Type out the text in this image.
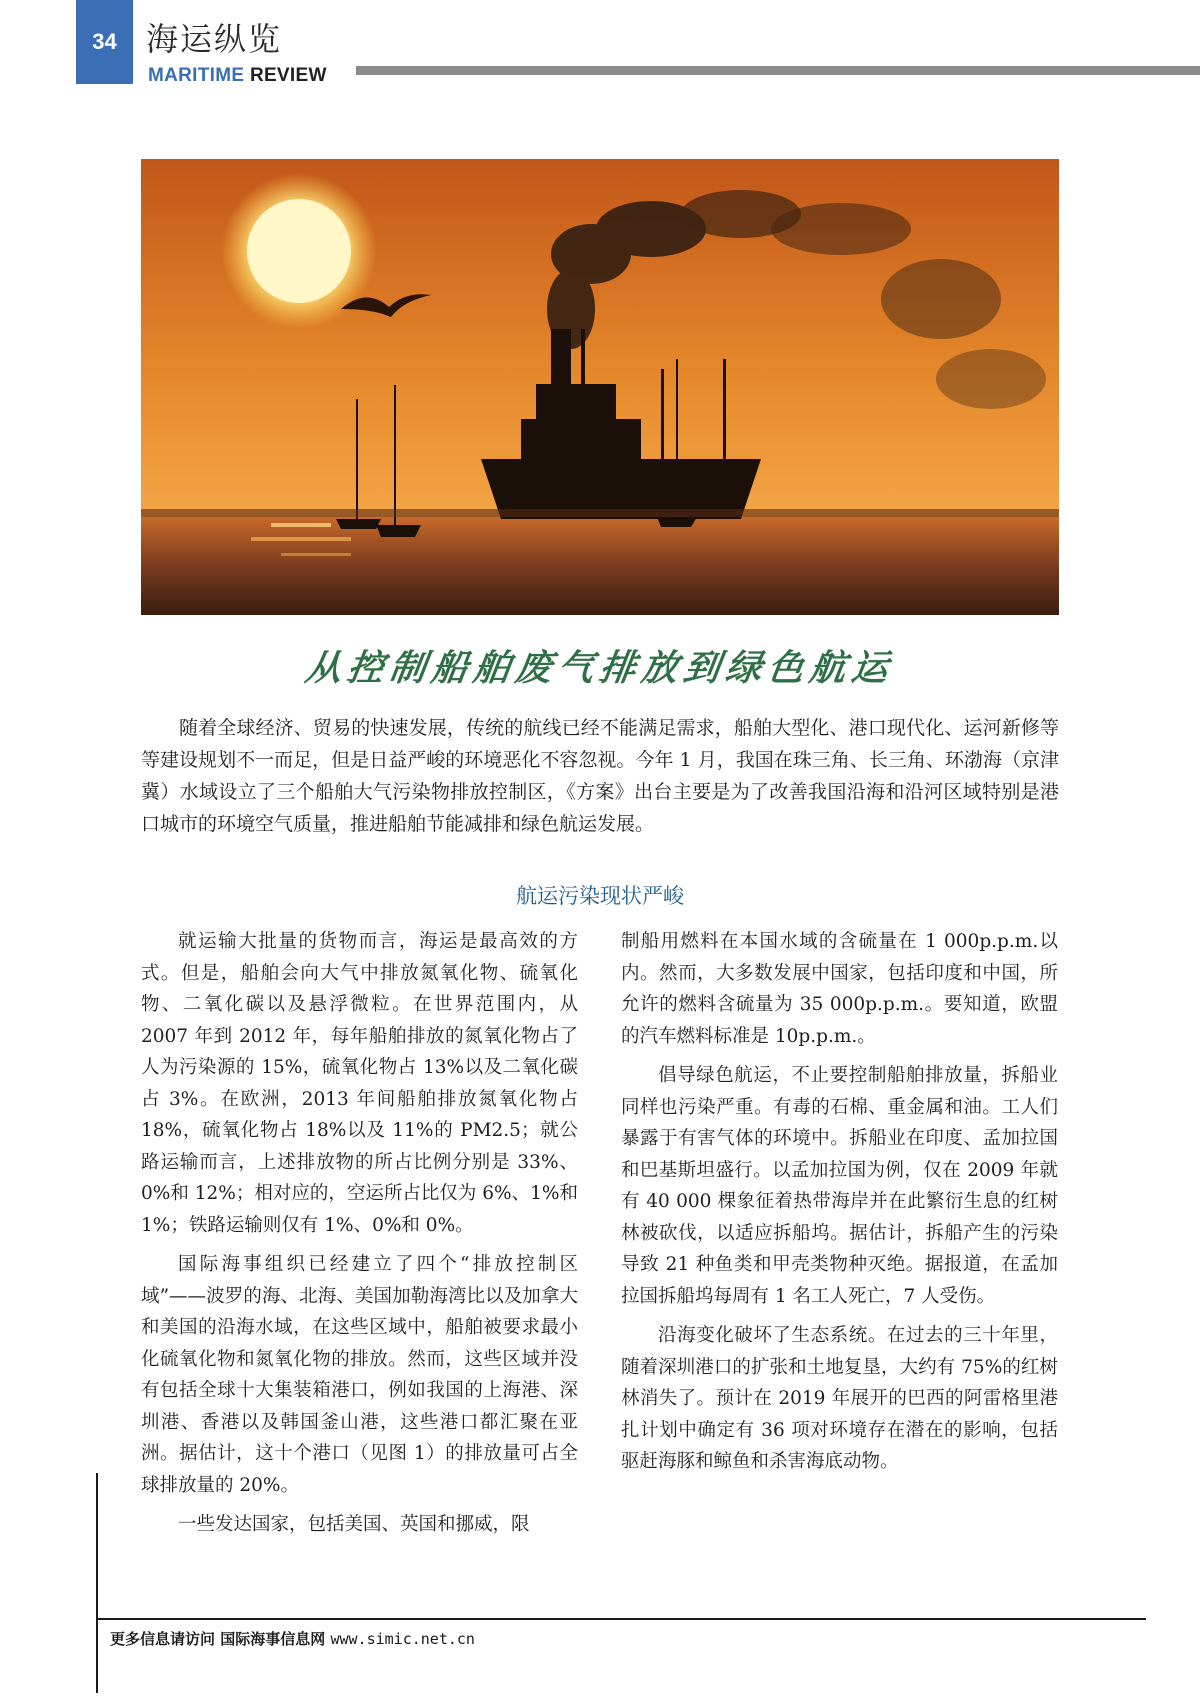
34 海运纵览
MARITIME REVIEW
从控制船舶废气排放到绿色航运

随着全球经济、贸易的快速发展，传统的航线已经不能满足需求，船舶大型化、港口现代化、运河新修等等建设规划不一而足，但是日益严峻的环境恶化不容忽视。今年 1 月，我国在珠三角、长三角、环渤海（京津冀）水域设立了三个船舶大气污染物排放控制区，《方案》出台主要是为了改善我国沿海和沿河区域特别是港口城市的环境空气质量，推进船舶节能减排和绿色航运发展。

航运污染现状严峻

就运输大批量的货物而言，海运是最高效的方式。但是，船舶会向大气中排放氮氧化物、硫氧化物、二氧化碳以及悬浮微粒。在世界范围内，从 2007 年到 2012 年，每年船舶排放的氮氧化物占了人为污染源的 15%，硫氧化物占 13%以及二氧化碳占 3%。在欧洲，2013 年间船舶排放氮氧化物占 18%，硫氧化物占 18%以及 11%的 PM2.5；就公路运输而言，上述排放物的所占比例分别是 33%、0%和 12%；相对应的，空运所占比仅为 6%、1%和 1%；铁路运输则仅有 1%、0%和 0%。

国际海事组织已经建立了四个“排放控制区域”——波罗的海、北海、美国加勒海湾比以及加拿大和美国的沿海水域，在这些区域中，船舶被要求最小化硫氧化物和氮氧化物的排放。然而，这些区域并没有包括全球十大集装箱港口，例如我国的上海港、深圳港、香港以及韩国釜山港，这些港口都汇聚在亚洲。据估计，这十个港口（见图 1）的排放量可占全球排放量的 20%。

一些发达国家，包括美国、英国和挪威，限

制船用燃料在本国水域的含硫量在 1 000p.p.m.以内。然而，大多数发展中国家，包括印度和中国，所允许的燃料含硫量为 35 000p.p.m.。要知道，欧盟的汽车燃料标准是 10p.p.m.。

倡导绿色航运，不止要控制船舶排放量，拆船业同样也污染严重。有毒的石棉、重金属和油。工人们暴露于有害气体的环境中。拆船业在印度、孟加拉国和巴基斯坦盛行。以孟加拉国为例，仅在 2009 年就有 40 000 棵象征着热带海岸并在此繁衍生息的红树林被砍伐，以适应拆船坞。据估计，拆船产生的污染导致 21 种鱼类和甲壳类物种灭绝。据报道，在孟加拉国拆船坞每周有 1 名工人死亡，7 人受伤。

沿海变化破坏了生态系统。在过去的三十年里，随着深圳港口的扩张和土地复垦，大约有 75%的红树林消失了。预计在 2019 年展开的巴西的阿雷格里港扎计划中确定有 36 项对环境存在潜在的影响，包括驱赶海豚和鲸鱼和杀害海底动物。

更多信息请访问 国际海事信息网 www.simic.net.cn
